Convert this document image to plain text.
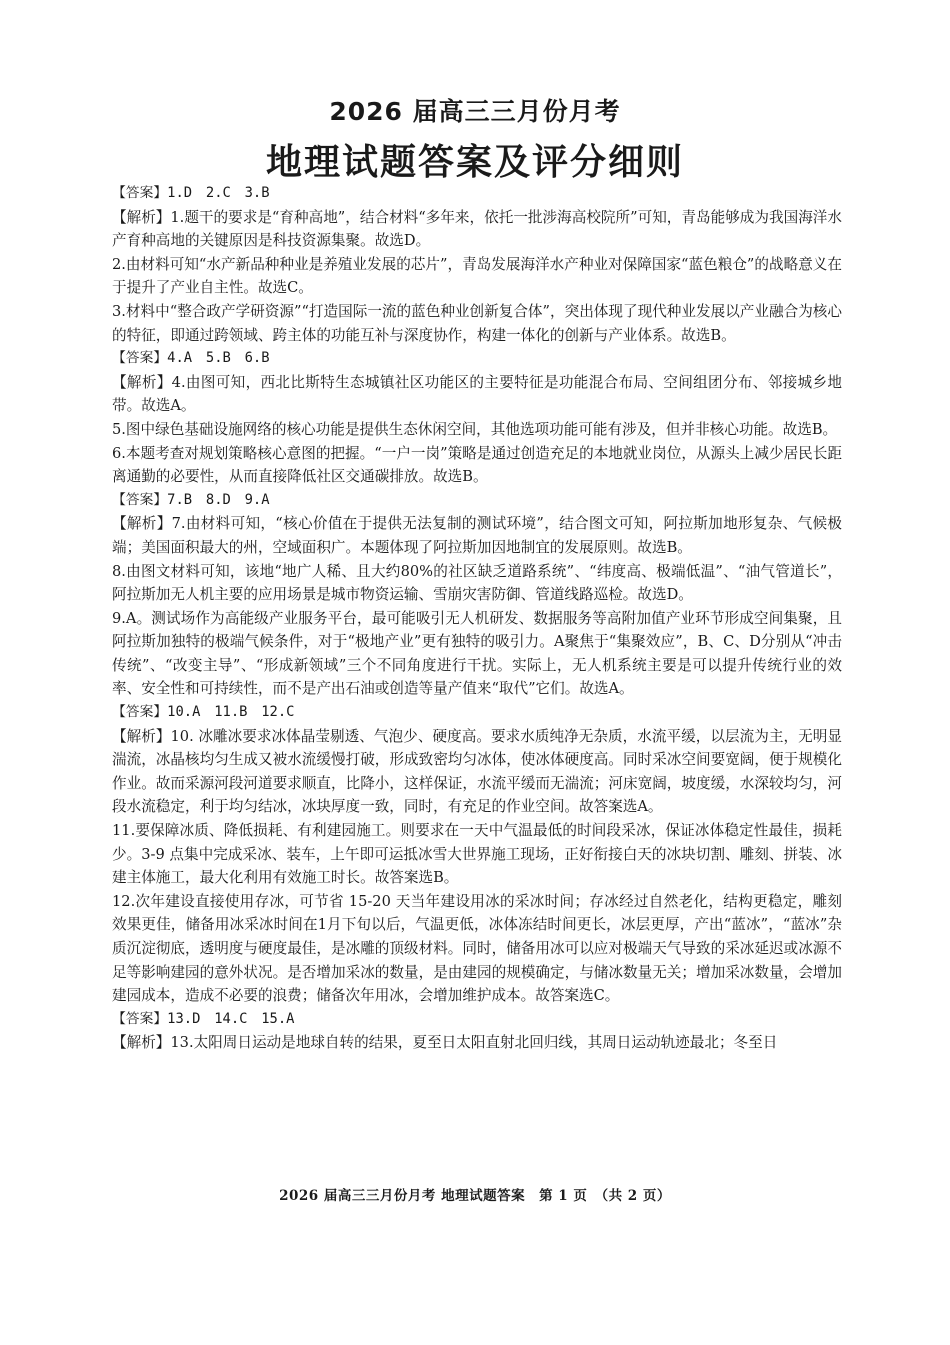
2026 届高三三月份月考
地理试题答案及评分细则

【答案】1.D　2.C　3.B

【解析】1.题干的要求是“育种高地”，结合材料“多年来，依托一批涉海高校院所”可知，青岛能够成为我国海洋水产育种高地的关键原因是科技资源集聚。故选D。

2.由材料可知“水产新品种种业是养殖业发展的芯片”，青岛发展海洋水产种业对保障国家“蓝色粮仓”的战略意义在于提升了产业自主性。故选C。

3.材料中“整合政产学研资源”“打造国际一流的蓝色种业创新复合体”，突出体现了现代种业发展以产业融合为核心的特征，即通过跨领域、跨主体的功能互补与深度协作，构建一体化的创新与产业体系。故选B。

【答案】4.A　5.B　6.B

【解析】4.由图可知，西北比斯特生态城镇社区功能区的主要特征是功能混合布局、空间组团分布、邻接城乡地带。故选A。

5.图中绿色基础设施网络的核心功能是提供生态休闲空间，其他选项功能可能有涉及，但并非核心功能。故选B。

6.本题考查对规划策略核心意图的把握。“一户一岗”策略是通过创造充足的本地就业岗位，从源头上减少居民长距离通勤的必要性，从而直接降低社区交通碳排放。故选B。

【答案】7.B　8.D　9.A

【解析】7.由材料可知，“核心价值在于提供无法复制的测试环境”，结合图文可知，阿拉斯加地形复杂、气候极端；美国面积最大的州，空域面积广。本题体现了阿拉斯加因地制宜的发展原则。故选B。

8.由图文材料可知，该地“地广人稀、且大约80%的社区缺乏道路系统”、“纬度高、极端低温”、“油气管道长”，阿拉斯加无人机主要的应用场景是城市物资运输、雪崩灾害防御、管道线路巡检。故选D。

9.A。测试场作为高能级产业服务平台，最可能吸引无人机研发、数据服务等高附加值产业环节形成空间集聚，且阿拉斯加独特的极端气候条件，对于“极地产业”更有独特的吸引力。A聚焦于“集聚效应”，B、C、D分别从“冲击传统”、“改变主导”、“形成新领域”三个不同角度进行干扰。实际上，无人机系统主要是可以提升传统行业的效率、安全性和可持续性，而不是产出石油或创造等量产值来“取代”它们。故选A。

【答案】10.A　11.B　12.C

【解析】10. 冰雕冰要求冰体晶莹剔透、气泡少、硬度高。要求水质纯净无杂质，水流平缓，以层流为主，无明显湍流，冰晶核均匀生成又被水流缓慢打破，形成致密均匀冰体，使冰体硬度高。同时采冰空间要宽阔，便于规模化作业。故而采源河段河道要求顺直，比降小，这样保证，水流平缓而无湍流；河床宽阔，坡度缓，水深较均匀，河段水流稳定，利于均匀结冰，冰块厚度一致，同时，有充足的作业空间。故答案选A。

11.要保障冰质、降低损耗、有利建园施工。则要求在一天中气温最低的时间段采冰，保证冰体稳定性最佳，损耗少。3-9 点集中完成采冰、装车，上午即可运抵冰雪大世界施工现场，正好衔接白天的冰块切割、雕刻、拼装、冰建主体施工，最大化利用有效施工时长。故答案选B。

12.次年建设直接使用存冰，可节省 15-20 天当年建设用冰的采冰时间；存冰经过自然老化，结构更稳定，雕刻效果更佳，储备用冰采冰时间在1月下旬以后，气温更低，冰体冻结时间更长，冰层更厚，产出“蓝冰”，“蓝冰”杂质沉淀彻底，透明度与硬度最佳，是冰雕的顶级材料。同时，储备用冰可以应对极端天气导致的采冰延迟或冰源不足等影响建园的意外状况。是否增加采冰的数量，是由建园的规模确定，与储冰数量无关；增加采冰数量，会增加建园成本，造成不必要的浪费；储备次年用冰，会增加维护成本。故答案选C。

【答案】13.D　14.C　15.A

【解析】13.太阳周日运动是地球自转的结果，夏至日太阳直射北回归线，其周日运动轨迹最北；冬至日

2026 届高三三月份月考 地理试题答案　第 1 页　（共 2 页）
